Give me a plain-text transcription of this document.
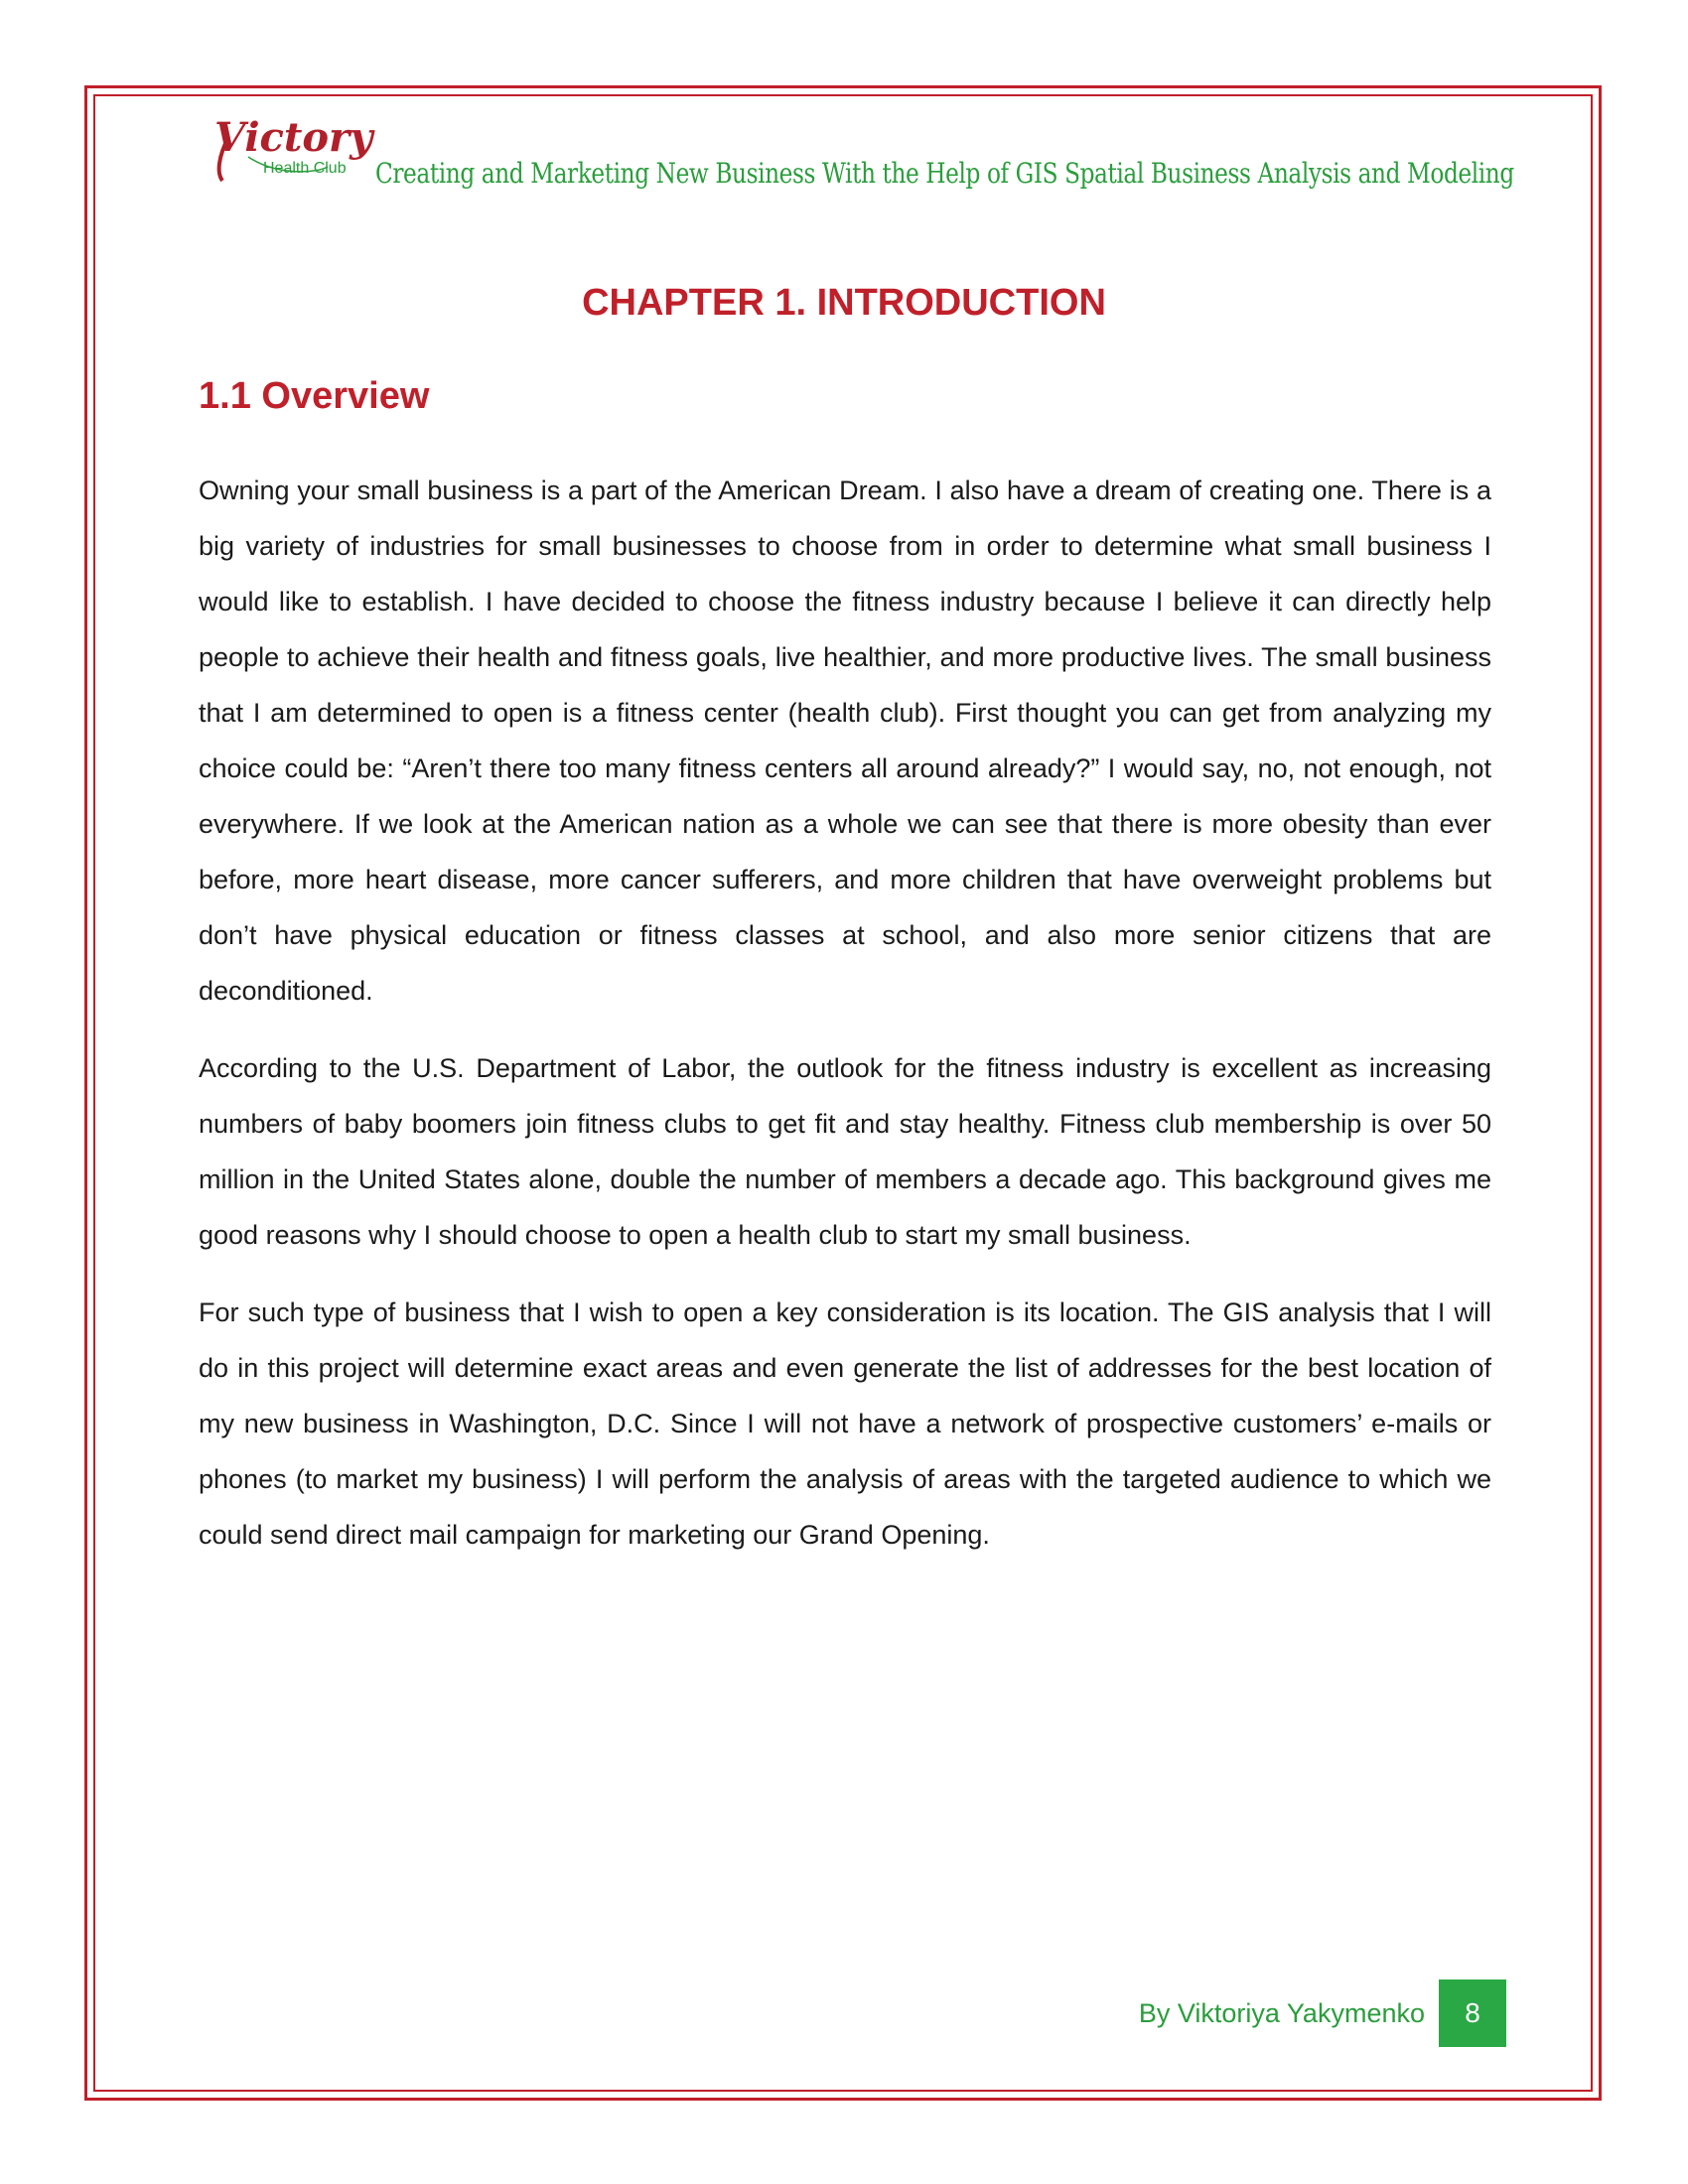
Victory
Health Club Creating and Marketing New Business With the Help of GIS Spatial Business Analysis and Modeling
CHAPTER 1. INTRODUCTION
1.1 Overview

Owning your small business is a part of the American Dream. I also have a dream of creating one. There is a big variety of industries for small businesses to choose from in order to determine what small business I would like to establish. I have decided to choose the fitness industry because I believe it can directly help people to achieve their health and fitness goals, live healthier, and more productive lives. The small business that I am determined to open is a fitness center (health club). First thought you can get from analyzing my choice could be: “Aren’t there too many fitness centers all around already?” I would say, no, not enough, not everywhere. If we look at the American nation as a whole we can see that there is more obesity than ever before, more heart disease, more cancer sufferers, and more children that have overweight problems but don’t have physical education or fitness classes at school, and also more senior citizens that are deconditioned.

According to the U.S. Department of Labor, the outlook for the fitness industry is excellent as increasing numbers of baby boomers join fitness clubs to get fit and stay healthy. Fitness club membership is over 50 million in the United States alone, double the number of members a decade ago. This background gives me good reasons why I should choose to open a health club to start my small business.

For such type of business that I wish to open a key consideration is its location. The GIS analysis that I will do in this project will determine exact areas and even generate the list of addresses for the best location of my new business in Washington, D.C. Since I will not have a network of prospective customers’ e-mails or phones (to market my business) I will perform the analysis of areas with the targeted audience to which we could send direct mail campaign for marketing our Grand Opening.

By Viktoriya Yakymenko	8
